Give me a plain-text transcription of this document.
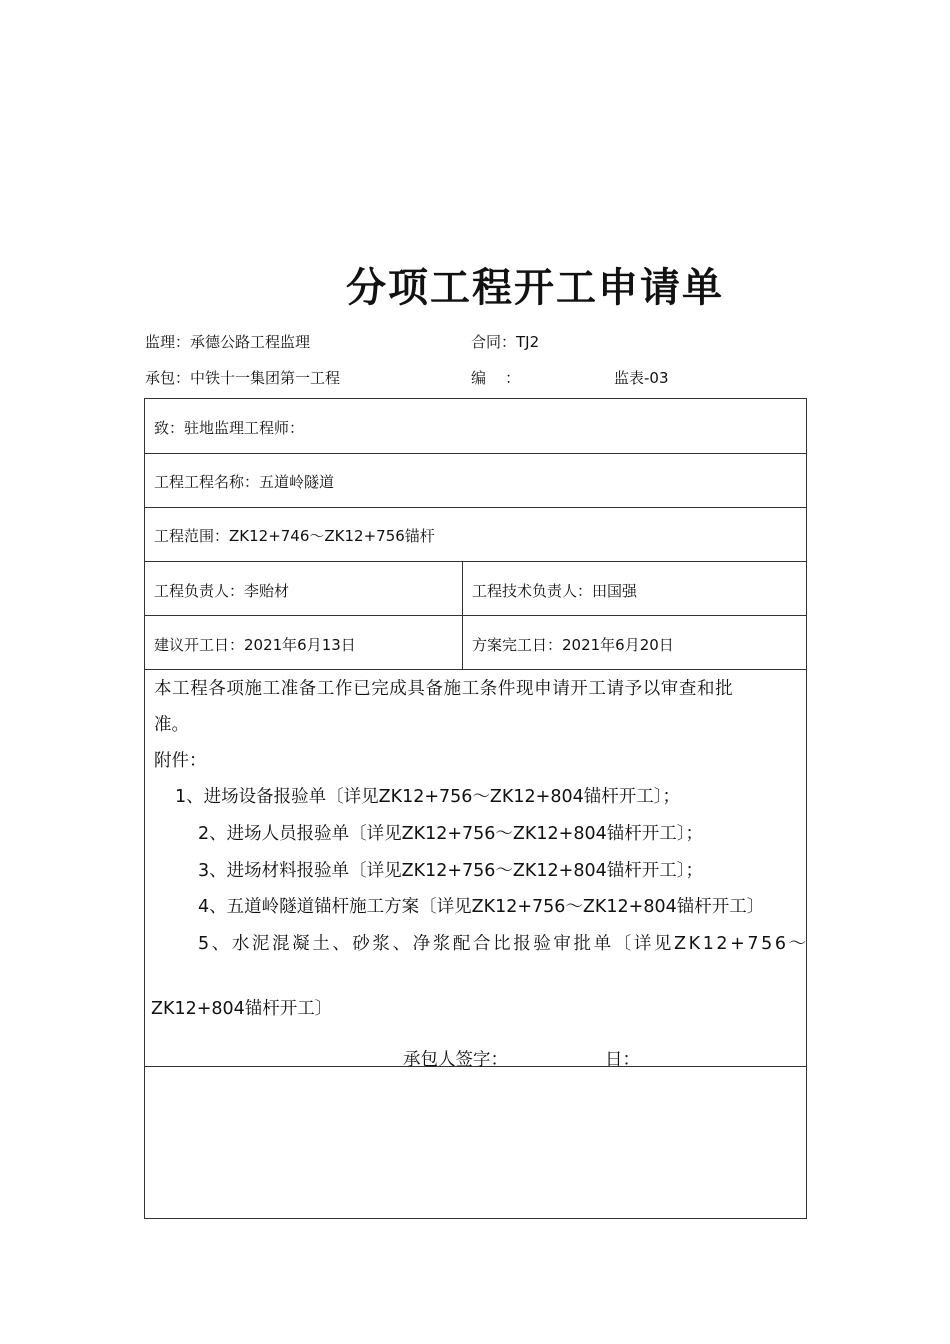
分项工程开工申请单
监理：承德公路工程监理	合同：TJ2
承包：中铁十一集团第一工程	编    ：	监表-03
致：驻地监理工程师：
工程工程名称：五道岭隧道
工程范围：ZK12+746～ZK12+756锚杆
工程负责人：李贻材	工程技术负责人：田国强
建议开工日：2021年6月13日	方案完工日：2021年6月20日
本工程各项施工准备工作已完成具备施工条件现申请开工请予以审查和批
准。
附件：
1、进场设备报验单〔详见ZK12+756～ZK12+804锚杆开工〕；
2、进场人员报验单〔详见ZK12+756～ZK12+804锚杆开工〕；
3、进场材料报验单〔详见ZK12+756～ZK12+804锚杆开工〕；
4、五道岭隧道锚杆施工方案〔详见ZK12+756～ZK12+804锚杆开工〕
5、水泥混凝土、砂浆、净浆配合比报验审批单〔详见ZK12+756～
ZK12+804锚杆开工〕
承包人签字：	日：
